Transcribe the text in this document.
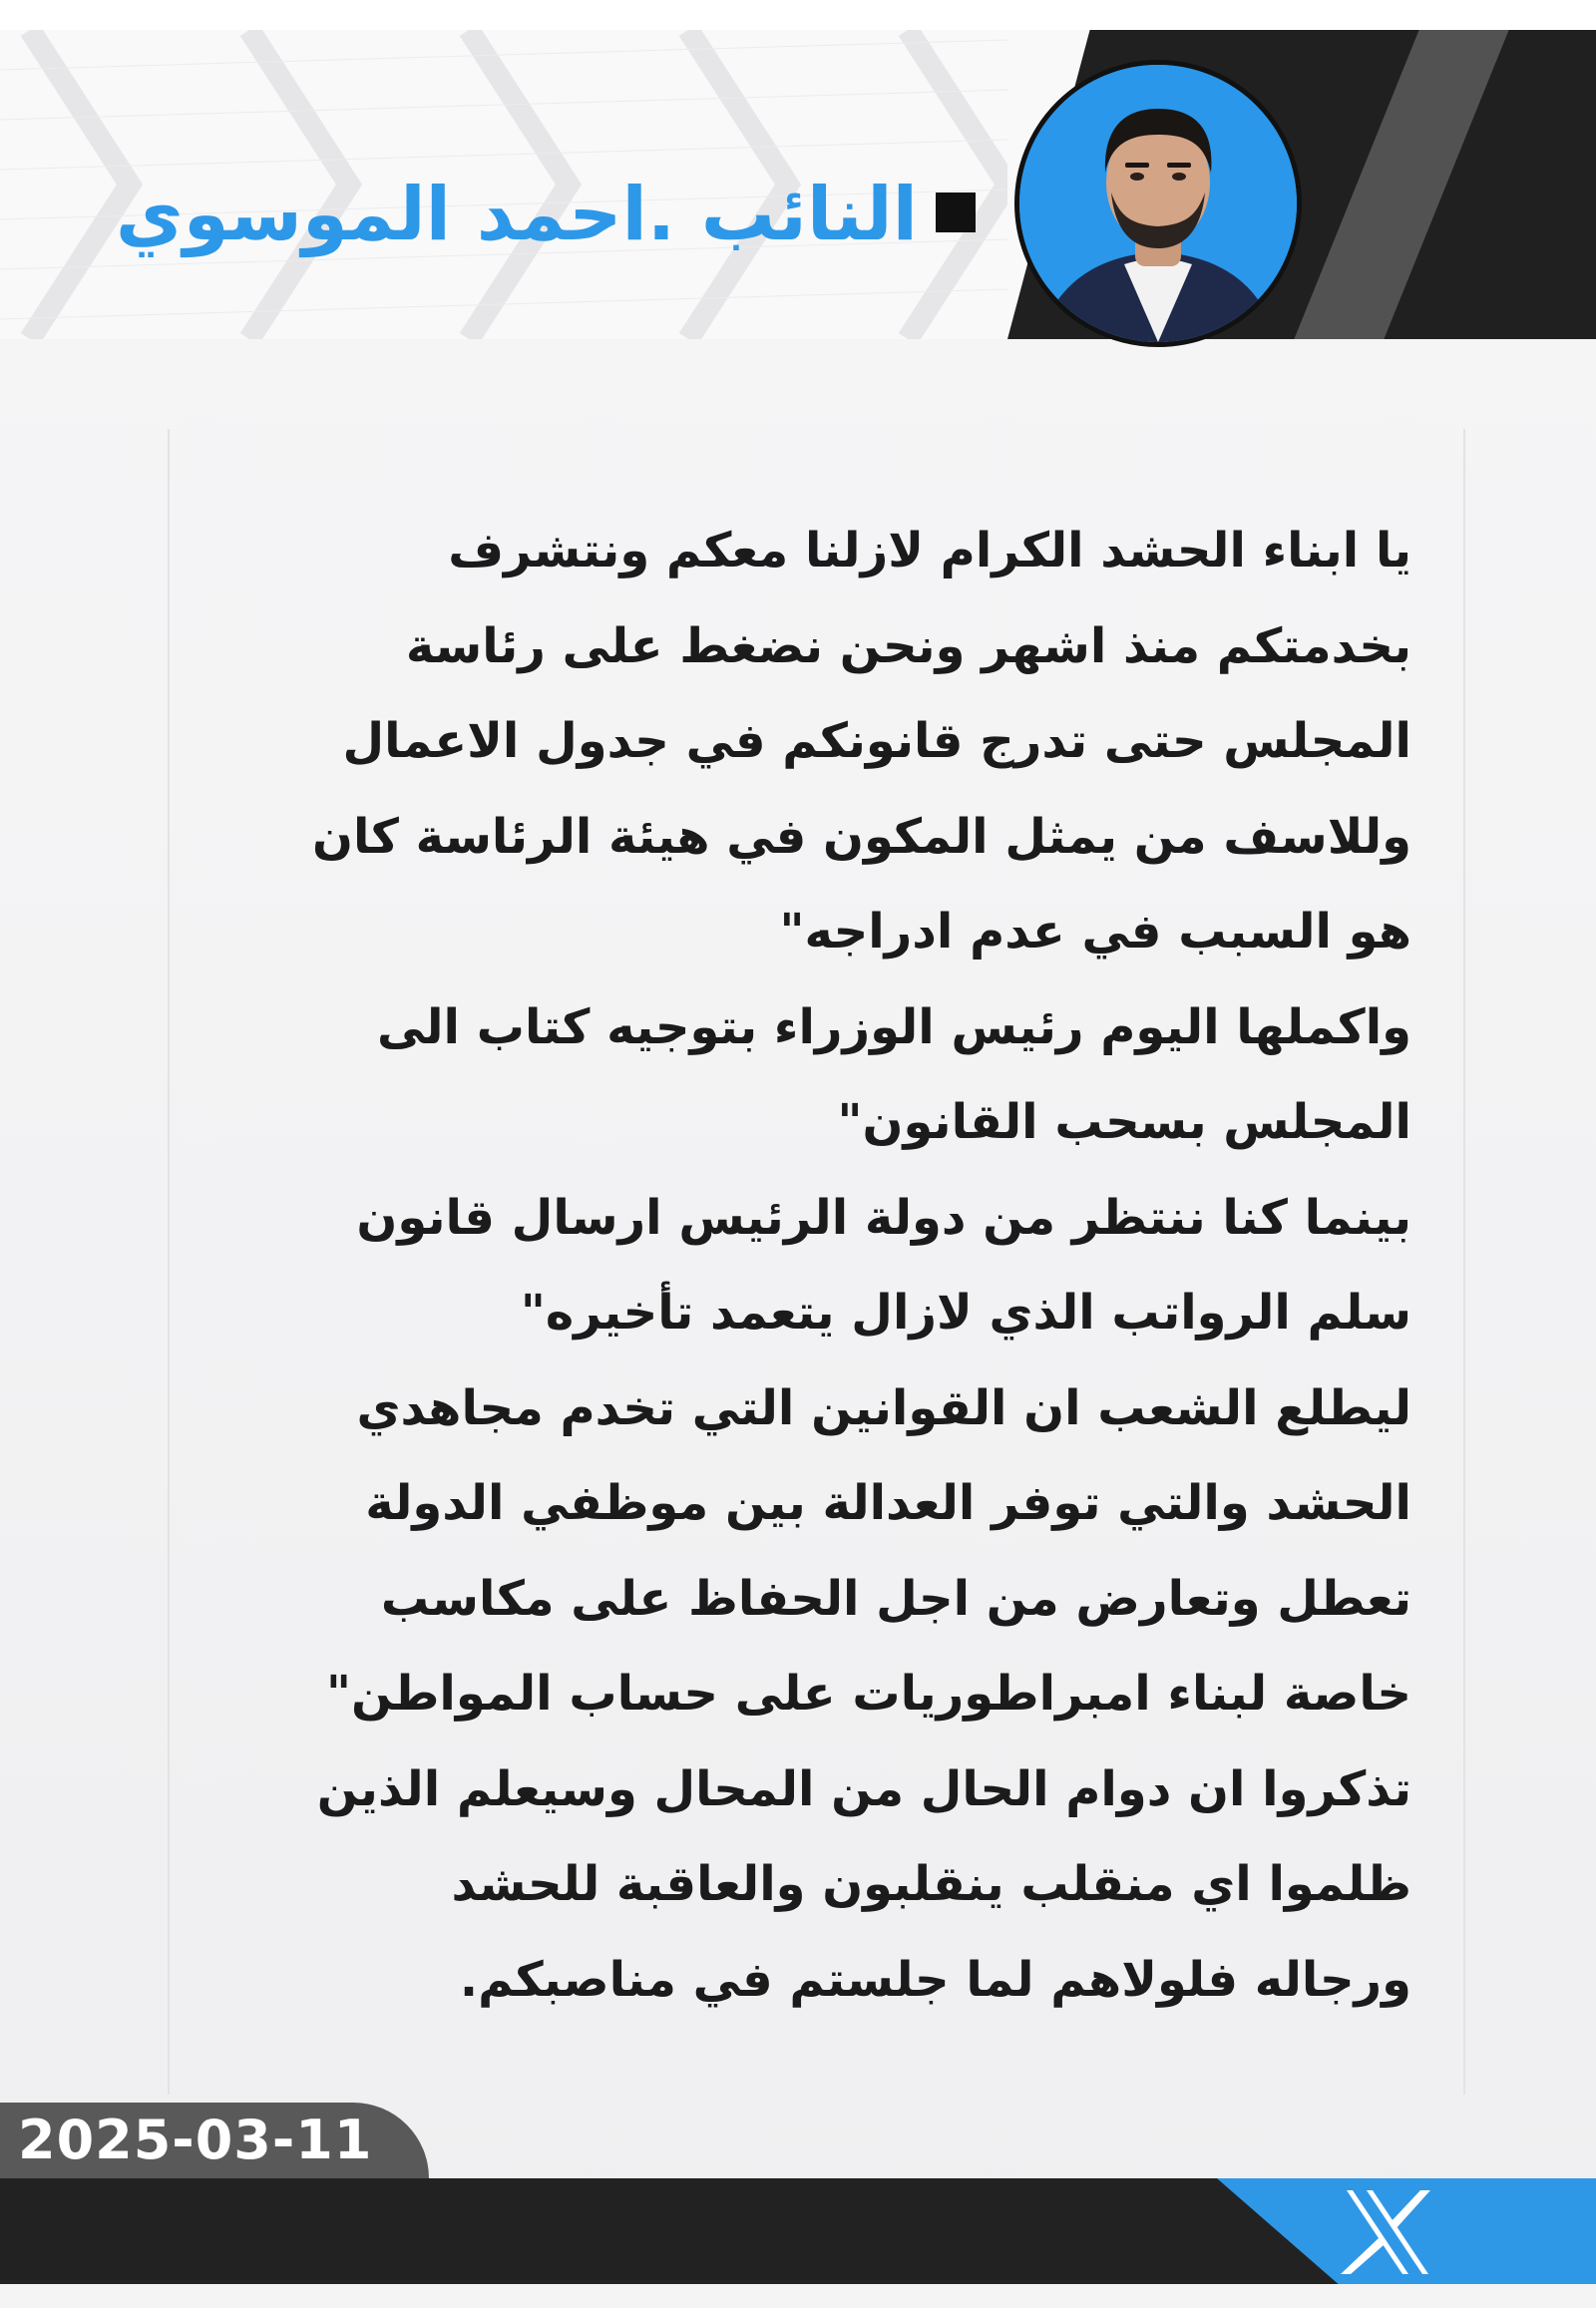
النائب .احمد الموسوي
يا ابناء الحشد الكرام لازلنا معكم ونتشرف
بخدمتكم منذ اشهر ونحن نضغط على رئاسة
المجلس حتى تدرج قانونكم في جدول الاعمال
وللاسف من يمثل المكون في هيئة الرئاسة كان
هو السبب في عدم ادراجه"
واكملها اليوم رئيس الوزراء بتوجيه كتاب الى
المجلس بسحب القانون"
بينما كنا ننتظر من دولة الرئيس ارسال قانون
سلم الرواتب الذي لازال يتعمد تأخيره"
ليطلع الشعب ان القوانين التي تخدم مجاهدي
الحشد والتي توفر العدالة بين موظفي الدولة
تعطل وتعارض من اجل الحفاظ على مكاسب
خاصة لبناء امبراطوريات على حساب المواطن"
تذكروا ان دوام الحال من المحال وسيعلم الذين
ظلموا اي منقلب ينقلبون والعاقبة للحشد
ورجاله فلولاهم لما جلستم في مناصبكم.
2025-03-11
